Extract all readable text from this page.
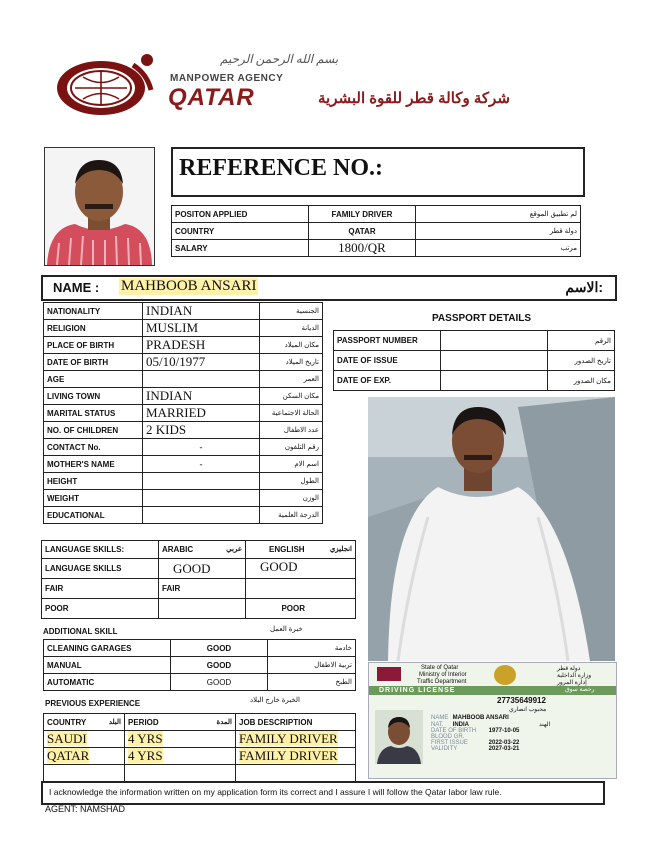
بسم الله الرحمن الرحيم
MANPOWER AGENCY
QATAR	شركة وكالة قطر للقوة البشرية
REFERENCE NO.:
POSITON APPLIED	FAMILY DRIVER	لم تطبيق الموقع
COUNTRY	QATAR	دولة قطر
SALARY	1800/QR	مرتب
NAME : MAHBOOB ANSARI	الاسم:
NATIONALITY	INDIAN	الجنسية
RELIGION	MUSLIM	الديانة
PLACE OF BIRTH	PRADESH	مكان الميلاد
DATE OF BIRTH	05/10/1977	تاريخ الميلاد
AGE		العمر
LIVING TOWN	INDIAN	مكان السكن
MARITAL STATUS	MARRIED	الحالة الاجتماعية
NO. OF CHILDREN	2 KIDS	عدد الاطفال
CONTACT No.	-	رقم التلفون
MOTHER'S NAME	-	اسم الام
HEIGHT		الطول
WEIGHT		الوزن
EDUCATIONAL		الدرجة العلمية
PASSPORT DETAILS
PASSPORT NUMBER		الرقم
DATE OF ISSUE		تاريخ الصدور
DATE OF EXP.		مكان الصدور
State of Qatar
Ministry of Interior
Traffic Department
دولة قطر
وزارة الداخلية
إدارة المرور
DRIVING LICENSE	رخصة سوق
27735649912
محبوب انصاري
NAME MAHBOOB ANSARI
NAT. INDIA	الهند
DATE OF BIRTH 1977-10-05
BLOOD GR.
FIRST ISSUE	2022-03-22
VALIDITY	2027-03-21
LANGUAGE SKILLS:	ARABIC عربي	ENGLISH انجليزي

LANGUAGE SKILLS	GOOD	GOOD
FAIR	FAIR	
POOR		POOR
ADDITIONAL SKILL	خبرة العمل
CLEANING GARAGES	GOOD	خادمة
MANUAL	GOOD	تربية الاطفال
AUTOMATIC	GOOD	الطبخ
PREVIOUS EXPERIENCE	الخبرة خارج البلاد
COUNTRY البلد	PERIOD المدة	JOB DESCRIPTION
SAUDI	4 YRS	FAMILY DRIVER
QATAR	4 YRS	FAMILY DRIVER

I acknowledge the information written on my application form its correct and I assure I will follow the Qatar labor law rule.
AGENT: NAMSHAD
